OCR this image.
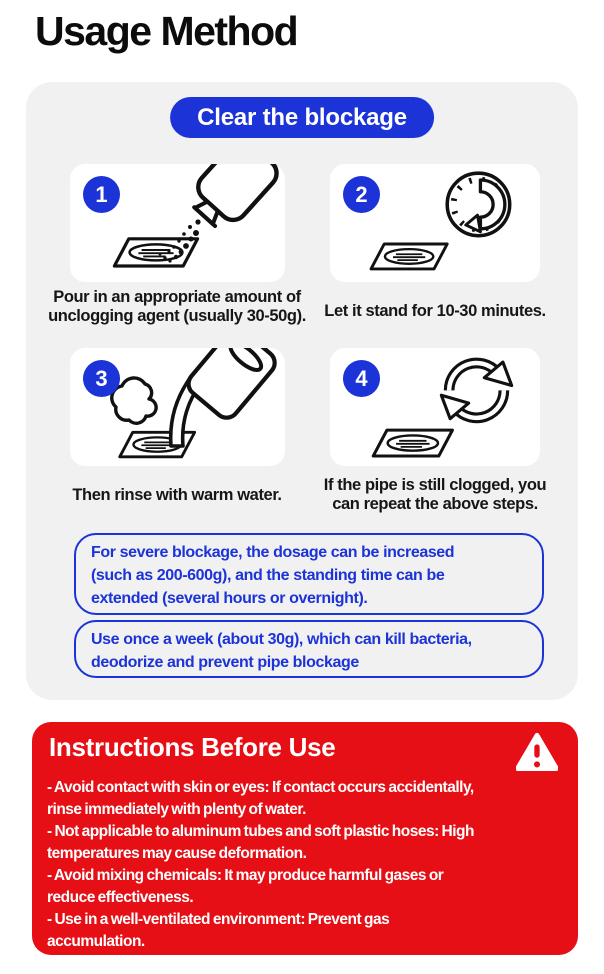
Usage Method
Clear the blockage
1
Pour in an appropriate amount of
unclogging agent (usually 30-50g).
2
Let it stand for 10-30 minutes.
3
Then rinse with warm water.
4
If the pipe is still clogged, you
can repeat the above steps.
For severe blockage, the dosage can be increased
(such as 200-600g), and the standing time can be
extended (several hours or overnight).
Use once a week (about 30g), which can kill bacteria,
deodorize and prevent pipe blockage
Instructions Before Use
- Avoid contact with skin or eyes: If contact occurs accidentally,
rinse immediately with plenty of water.
- Not applicable to aluminum tubes and soft plastic hoses: High
temperatures may cause deformation.
- Avoid mixing chemicals: It may produce harmful gases or
reduce effectiveness.
- Use in a well-ventilated environment: Prevent gas
accumulation.
